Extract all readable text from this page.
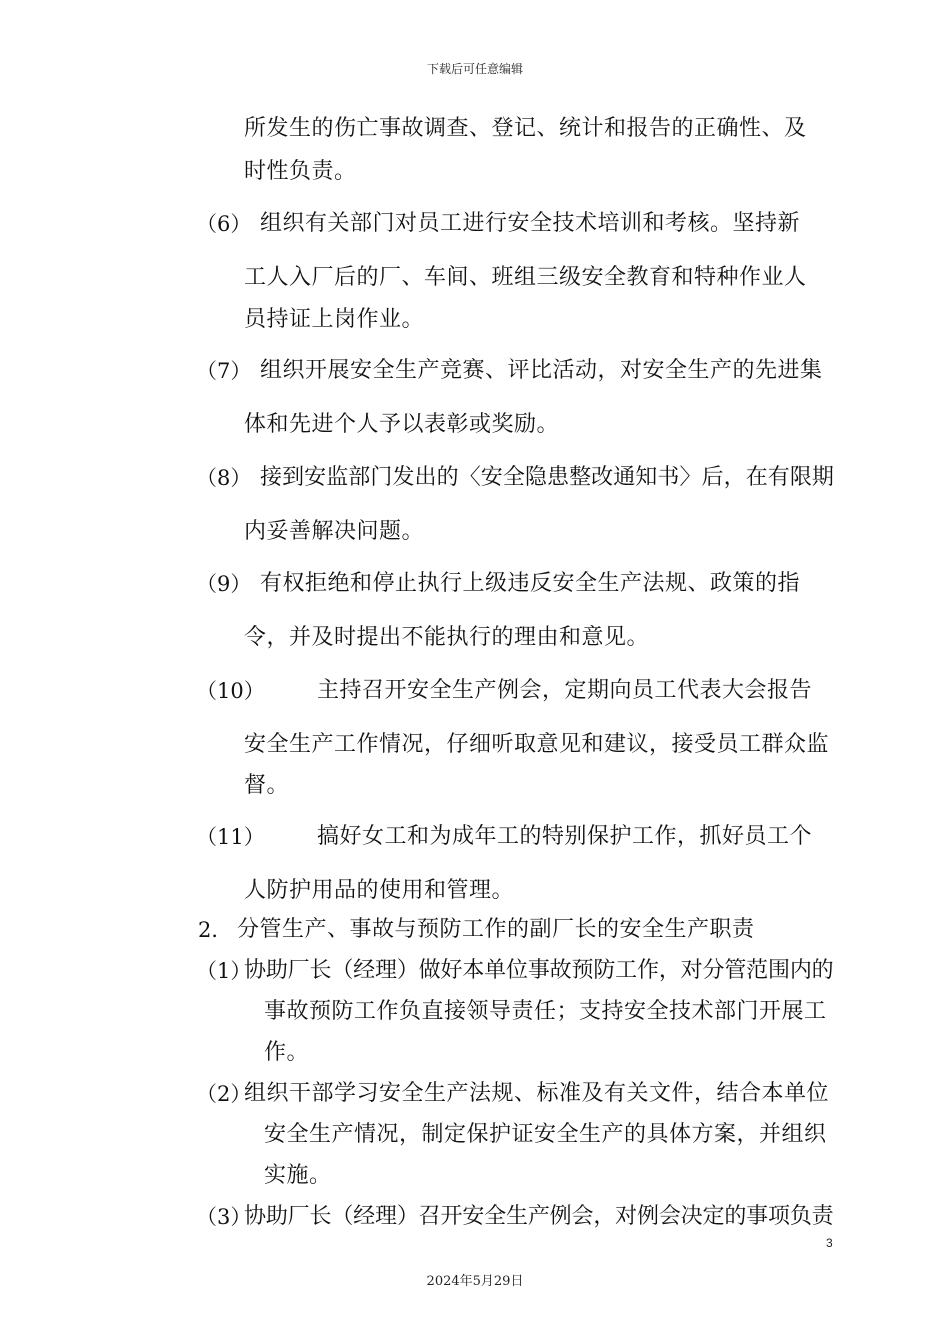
下载后可任意编辑
所发生的伤亡事故调查、登记、统计和报告的正确性、及
时性负责。
（6） 组织有关部门对员工进行安全技术培训和考核。坚持新
工人入厂后的厂、车间、班组三级安全教育和特种作业人
员持证上岗作业。
（7） 组织开展安全生产竞赛、评比活动，对安全生产的先进集
体和先进个人予以表彰或奖励。
（8） 接到安监部门发出的〈安全隐患整改通知书〉后，在有限期
内妥善解决问题。
（9） 有权拒绝和停止执行上级违反安全生产法规、政策的指
令，并及时提出不能执行的理由和意见。
（10） 主持召开安全生产例会，定期向员工代表大会报告
安全生产工作情况，仔细听取意见和建议，接受员工群众监
督。
（11） 搞好女工和为成年工的特别保护工作，抓好员工个
人防护用品的使用和管理。
2． 分管生产、事故与预防工作的副厂长的安全生产职责
（1）
协助厂长（经理）做好本单位事故预防工作，对分管范围内的
事故预防工作负直接领导责任；支持安全技术部门开展工
作。
（2）
组织干部学习安全生产法规、标准及有关文件，结合本单位
安全生产情况，制定保护证安全生产的具体方案，并组织
实施。
（3）
协助厂长（经理）召开安全生产例会，对例会决定的事项负责
3
2024年5月29日
